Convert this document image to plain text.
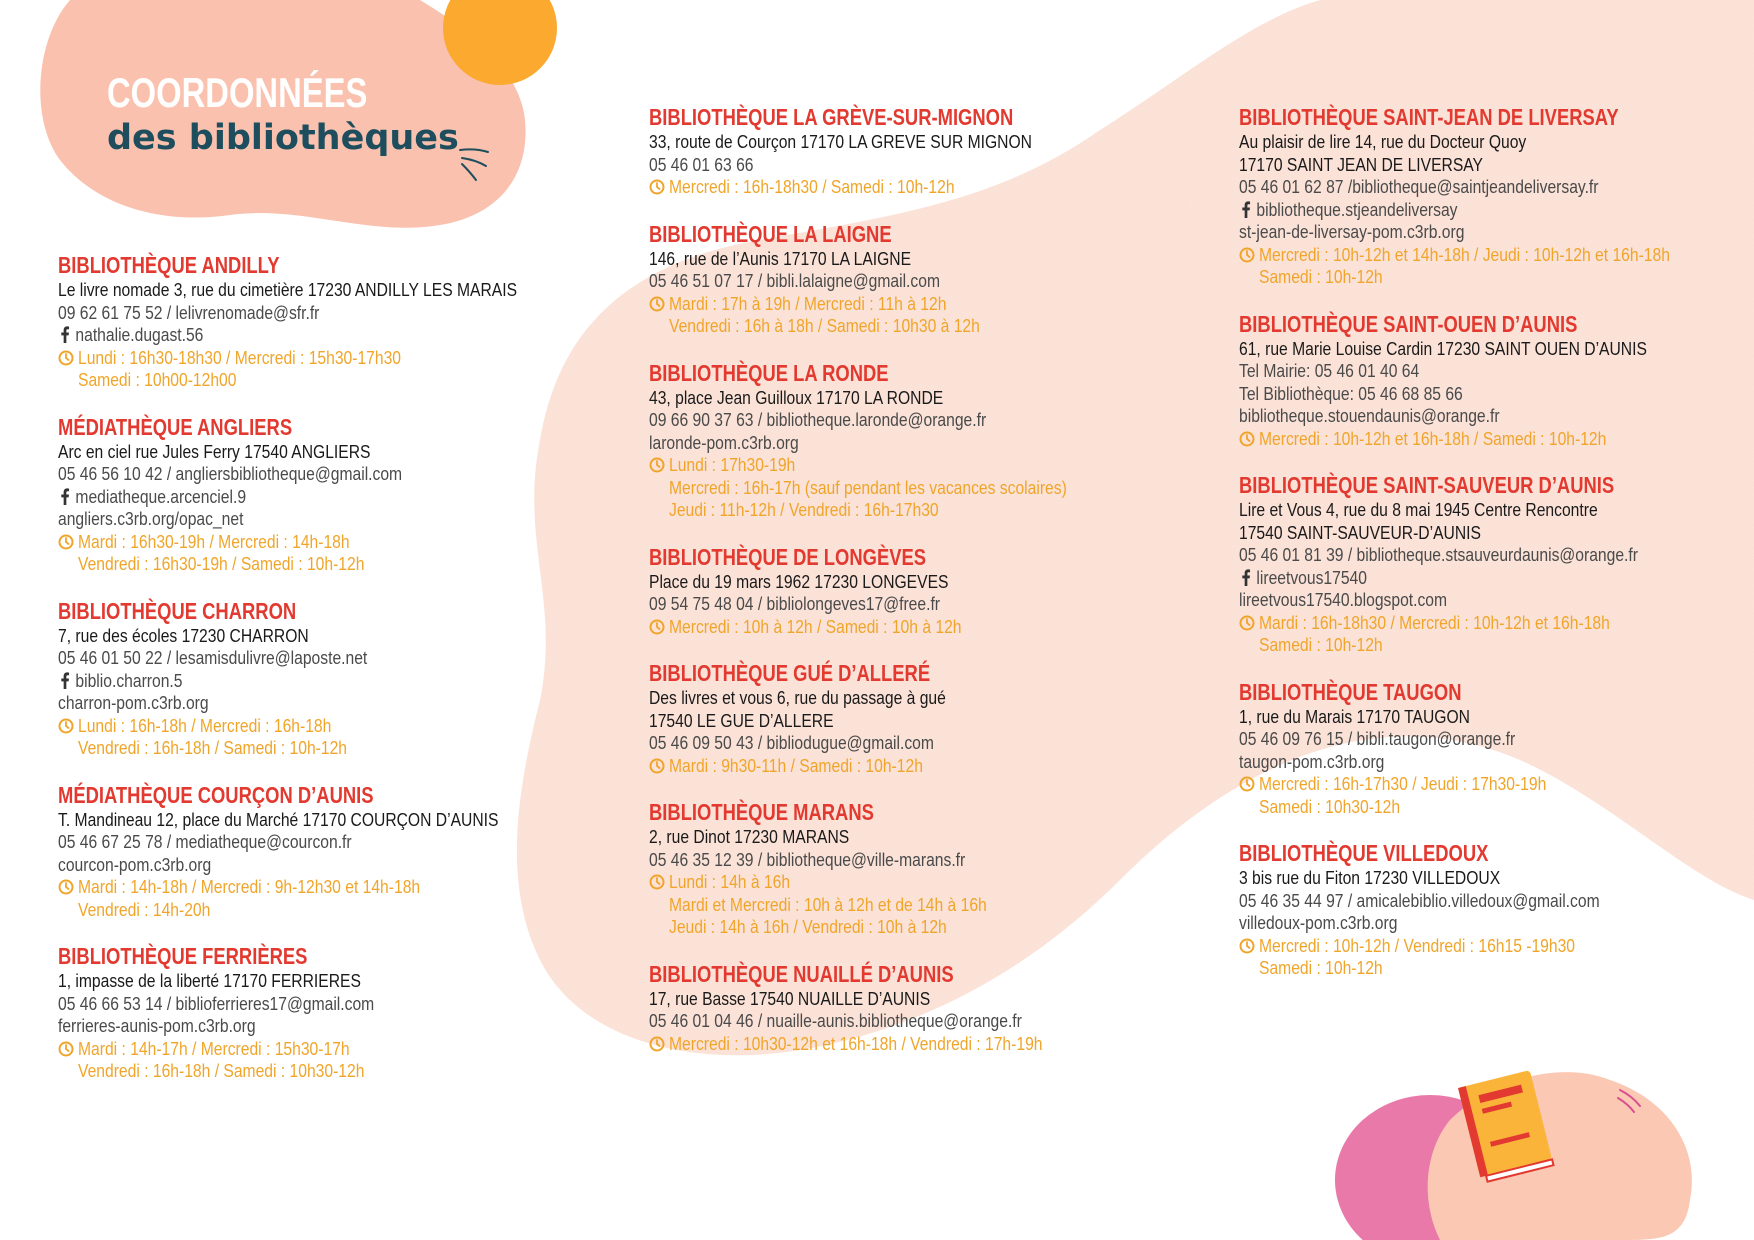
COORDONNÉES
des bibliothèques
BIBLIOTHÈQUE ANDILLY
Le livre nomade 3, rue du cimetière 17230 ANDILLY LES MARAIS
09 62 61 75 52 / lelivrenomade@sfr.fr
nathalie.dugast.56
Lundi : 16h30-18h30 / Mercredi : 15h30-17h30
Samedi : 10h00-12h00
MÉDIATHÈQUE ANGLIERS
Arc en ciel rue Jules Ferry 17540 ANGLIERS
05 46 56 10 42 / angliersbibliotheque@gmail.com
mediatheque.arcenciel.9
angliers.c3rb.org/opac_net
Mardi : 16h30-19h / Mercredi : 14h-18h
Vendredi : 16h30-19h / Samedi : 10h-12h
BIBLIOTHÈQUE CHARRON
7, rue des écoles 17230 CHARRON
05 46 01 50 22 / lesamisdulivre@laposte.net
biblio.charron.5
charron-pom.c3rb.org
Lundi : 16h-18h / Mercredi : 16h-18h
Vendredi : 16h-18h / Samedi : 10h-12h
MÉDIATHÈQUE COURÇON D’AUNIS
T. Mandineau 12, place du Marché 17170 COURÇON D’AUNIS
05 46 67 25 78 / mediatheque@courcon.fr
courcon-pom.c3rb.org
Mardi : 14h-18h / Mercredi : 9h-12h30 et 14h-18h
Vendredi : 14h-20h
BIBLIOTHÈQUE FERRIÈRES
1, impasse de la liberté 17170 FERRIERES
05 46 66 53 14 / biblioferrieres17@gmail.com
ferrieres-aunis-pom.c3rb.org
Mardi : 14h-17h / Mercredi : 15h30-17h
Vendredi : 16h-18h / Samedi : 10h30-12h
BIBLIOTHÈQUE LA GRÈVE-SUR-MIGNON
33, route de Courçon 17170 LA GREVE SUR MIGNON
05 46 01 63 66
Mercredi : 16h-18h30 / Samedi : 10h-12h
BIBLIOTHÈQUE LA LAIGNE
146, rue de l’Aunis 17170 LA LAIGNE
05 46 51 07 17 / bibli.lalaigne@gmail.com
Mardi : 17h à 19h / Mercredi : 11h à 12h
Vendredi : 16h à 18h / Samedi : 10h30 à 12h
BIBLIOTHÈQUE LA RONDE
43, place Jean Guilloux 17170 LA RONDE
09 66 90 37 63 / bibliotheque.laronde@orange.fr
laronde-pom.c3rb.org
Lundi : 17h30-19h
Mercredi : 16h-17h (sauf pendant les vacances scolaires)
Jeudi : 11h-12h / Vendredi : 16h-17h30
BIBLIOTHÈQUE DE LONGÈVES
Place du 19 mars 1962 17230 LONGEVES
09 54 75 48 04 / bibliolongeves17@free.fr
Mercredi : 10h à 12h / Samedi : 10h à 12h
BIBLIOTHÈQUE GUÉ D’ALLERÉ
Des livres et vous 6, rue du passage à gué
17540 LE GUE D’ALLERE
05 46 09 50 43 / bibliodugue@gmail.com
Mardi : 9h30-11h / Samedi : 10h-12h
BIBLIOTHÈQUE MARANS
2, rue Dinot 17230 MARANS
05 46 35 12 39 / bibliotheque@ville-marans.fr
Lundi : 14h à 16h
Mardi et Mercredi : 10h à 12h et de 14h à 16h
Jeudi : 14h à 16h / Vendredi : 10h à 12h
BIBLIOTHÈQUE NUAILLÉ D’AUNIS
17, rue Basse 17540 NUAILLE D’AUNIS
05 46 01 04 46 / nuaille-aunis.bibliotheque@orange.fr
Mercredi : 10h30-12h et 16h-18h / Vendredi : 17h-19h
BIBLIOTHÈQUE SAINT-JEAN DE LIVERSAY
Au plaisir de lire 14, rue du Docteur Quoy
17170 SAINT JEAN DE LIVERSAY
05 46 01 62 87 /bibliotheque@saintjeandeliversay.fr
bibliotheque.stjeandeliversay
st-jean-de-liversay-pom.c3rb.org
Mercredi : 10h-12h et 14h-18h / Jeudi : 10h-12h et 16h-18h
Samedi : 10h-12h
BIBLIOTHÈQUE SAINT-OUEN D’AUNIS
61, rue Marie Louise Cardin 17230 SAINT OUEN D’AUNIS
Tel Mairie: 05 46 01 40 64
Tel Bibliothèque: 05 46 68 85 66
bibliotheque.stouendaunis@orange.fr
Mercredi : 10h-12h et 16h-18h / Samedi : 10h-12h
BIBLIOTHÈQUE SAINT-SAUVEUR D’AUNIS
Lire et Vous 4, rue du 8 mai 1945 Centre Rencontre
17540 SAINT-SAUVEUR-D’AUNIS
05 46 01 81 39 / bibliotheque.stsauveurdaunis@orange.fr
lireetvous17540
lireetvous17540.blogspot.com
Mardi : 16h-18h30 / Mercredi : 10h-12h et 16h-18h
Samedi : 10h-12h
BIBLIOTHÈQUE TAUGON
1, rue du Marais 17170 TAUGON
05 46 09 76 15 / bibli.taugon@orange.fr
taugon-pom.c3rb.org
Mercredi : 16h-17h30 / Jeudi : 17h30-19h
Samedi : 10h30-12h
BIBLIOTHÈQUE VILLEDOUX
3 bis rue du Fiton 17230 VILLEDOUX
05 46 35 44 97 / amicalebiblio.villedoux@gmail.com
villedoux-pom.c3rb.org
Mercredi : 10h-12h / Vendredi : 16h15 -19h30
Samedi : 10h-12h
